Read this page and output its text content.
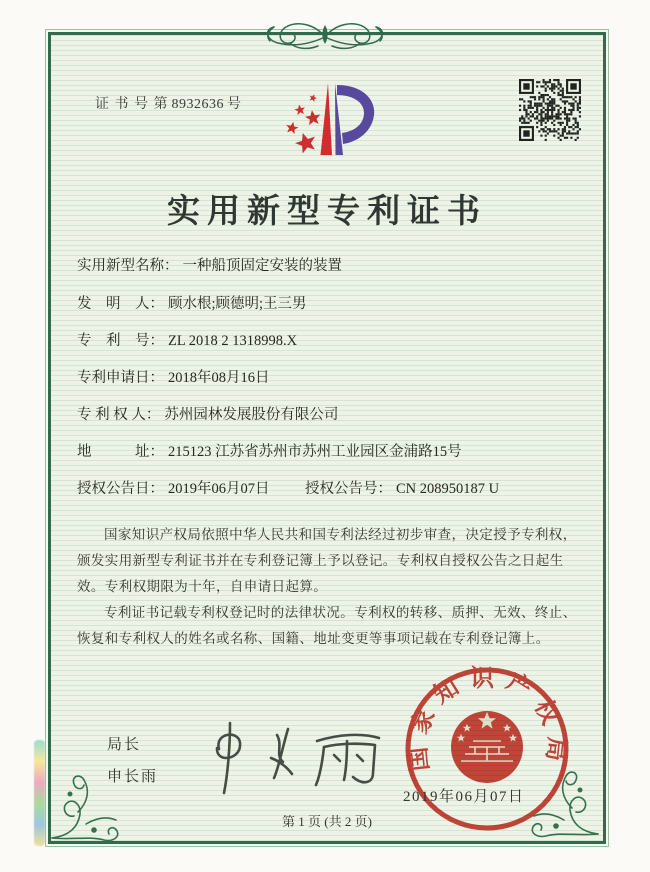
证 书 号 第 8932636 号

实用新型专利证书
实用新型名称： 一种船顶固定安装的装置
发　明　人： 顾水根;顾德明;王三男
专　利　号： ZL 2018 2 1318998.X
专利申请日： 2018年08月16日
专 利 权 人： 苏州园林发展股份有限公司
地　　　址： 215123 江苏省苏州市苏州工业园区金浦路15号
授权公告日： 2019年06月07日 授权公告号： CN 208950187 U

国家知识产权局依照中华人民共和国专利法经过初步审查，决定授予专利权，颁发实用新型专利证书并在专利登记簿上予以登记。专利权自授权公告之日起生效。专利权期限为十年，自申请日起算。

专利证书记载专利权登记时的法律状况。专利权的转移、质押、无效、终止、恢复和专利权人的姓名或名称、国籍、地址变更等事项记载在专利登记簿上。

局长
申长雨
国家知识产权局
2019年06月07日
第 1 页 (共 2 页)
